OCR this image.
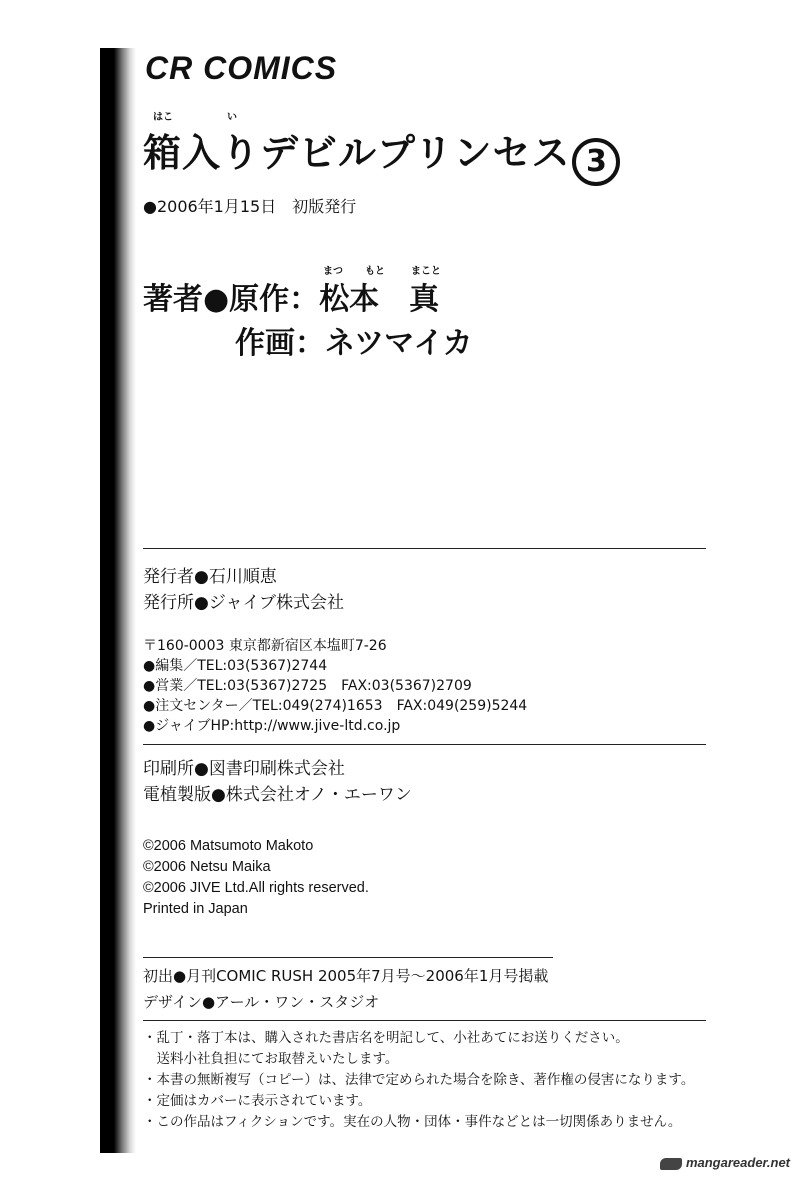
CR COMICS
はこ	い
箱入りデビルプリンセス 3
●2006年1月15日　初版発行
まつ もと	まこと
著者●原作：松本　真
作画：ネツマイカ
発行者●石川順恵
発行所●ジャイブ株式会社
〒160-0003 東京都新宿区本塩町7-26
●編集／TEL:03(5367)2744
●営業／TEL:03(5367)2725　FAX:03(5367)2709
●注文センター／TEL:049(274)1653　FAX:049(259)5244
●ジャイブHP:http://www.jive-ltd.co.jp
印刷所●図書印刷株式会社
電植製版●株式会社オノ・エーワン
©2006 Matsumoto Makoto
©2006 Netsu Maika
©2006 JIVE Ltd.All rights reserved.
Printed in Japan
初出●月刊COMIC RUSH 2005年7月号～2006年1月号掲載
デザイン●アール・ワン・スタジオ
・乱丁・落丁本は、購入された書店名を明記して、小社あてにお送りください。
　送料小社負担にてお取替えいたします。
・本書の無断複写（コピー）は、法律で定められた場合を除き、著作権の侵害になります。
・定価はカバーに表示されています。
・この作品はフィクションです。実在の人物・団体・事件などとは一切関係ありません。
mangareader.net
